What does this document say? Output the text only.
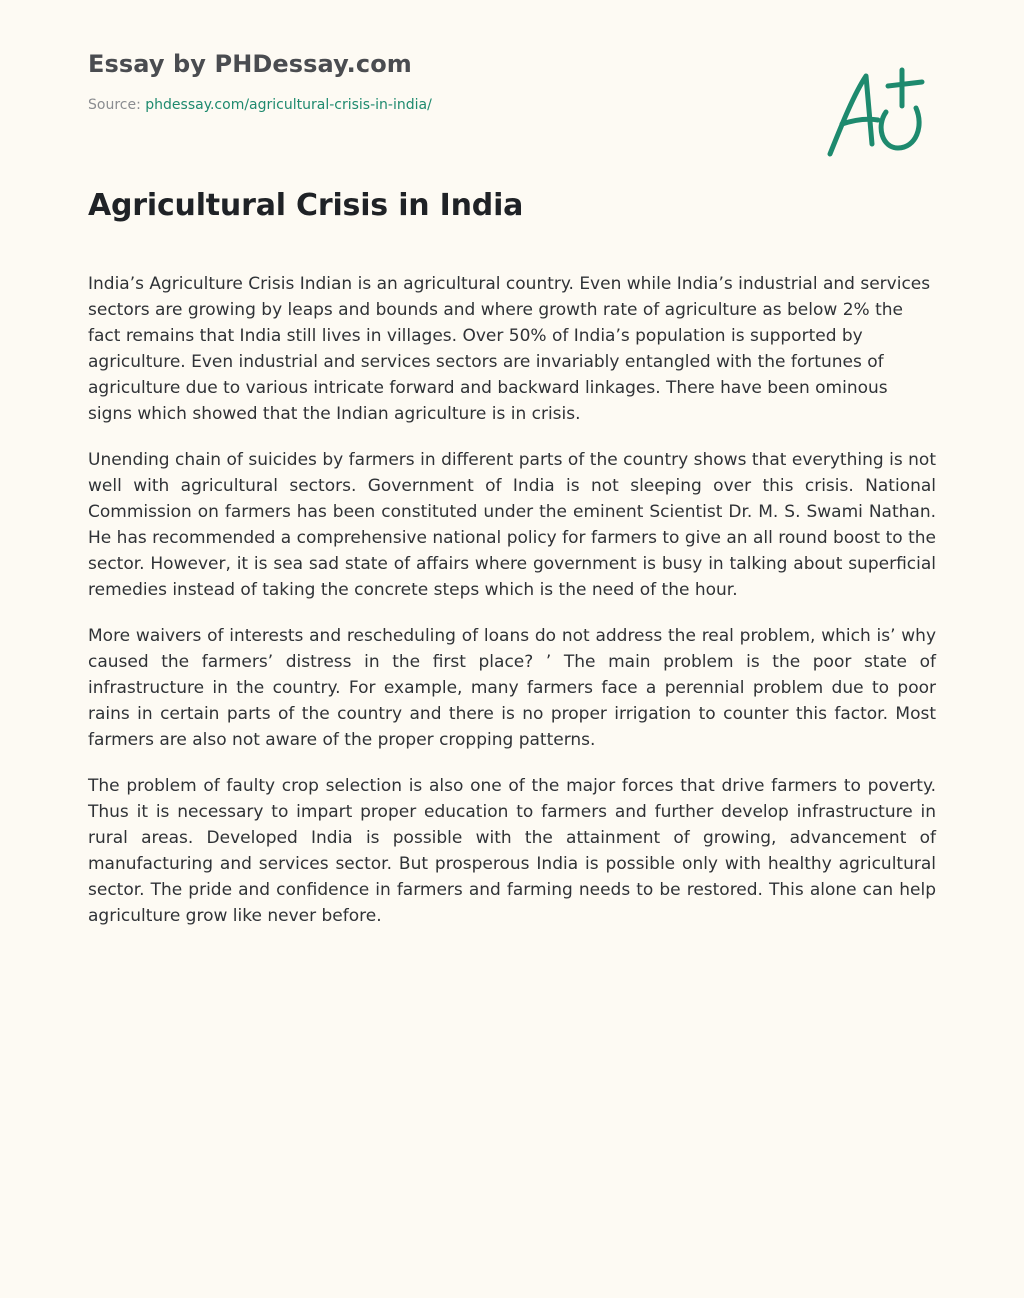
Essay by PHDessay.com
Source: phdessay.com/agricultural-crisis-in-india/
Agricultural Crisis in India

India’s Agriculture Crisis Indian is an agricultural country. Even while India’s industrial and services sectors are growing by leaps and bounds and where growth rate of agriculture as below 2% the fact remains that India still lives in villages. Over 50% of India’s population is supported by agriculture. Even industrial and services sectors are invariably entangled with the fortunes of agriculture due to various intricate forward and backward linkages. There have been ominous signs which showed that the Indian agriculture is in crisis.

Unending chain of suicides by farmers in different parts of the country shows that everything is not well with agricultural sectors. Government of India is not sleeping over this crisis. National Commission on farmers has been constituted under the eminent Scientist Dr. M. S. Swami Nathan. He has recommended a comprehensive national policy for farmers to give an all round boost to the sector. However, it is sea sad state of affairs where government is busy in talking about superficial remedies instead of taking the concrete steps which is the need of the hour.

More waivers of interests and rescheduling of loans do not address the real problem, which is’ why caused the farmers’ distress in the first place? ’ The main problem is the poor state of infrastructure in the country. For example, many farmers face a perennial problem due to poor rains in certain parts of the country and there is no proper irrigation to counter this factor. Most farmers are also not aware of the proper cropping patterns.

The problem of faulty crop selection is also one of the major forces that drive farmers to poverty. Thus it is necessary to impart proper education to farmers and further develop infrastructure in rural areas. Developed India is possible with the attainment of growing, advancement of manufacturing and services sector. But prosperous India is possible only with healthy agricultural sector. The pride and confidence in farmers and farming needs to be restored. This alone can help agriculture grow like never before.
